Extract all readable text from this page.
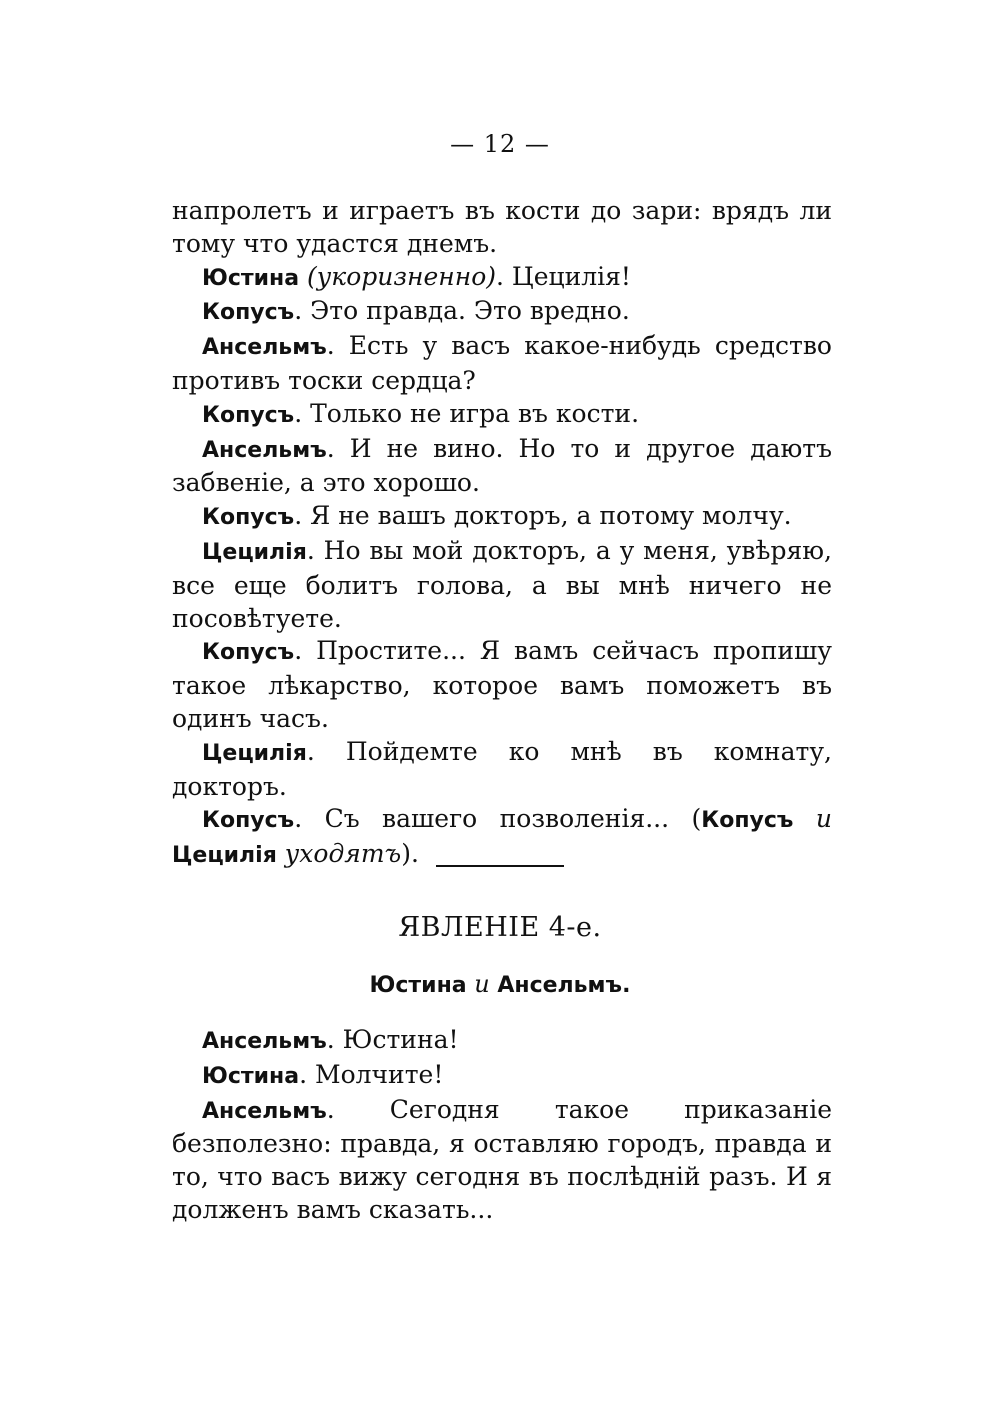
— 12 —

напролетъ и играетъ въ кости до зари: врядъ ли тому что удастся днемъ.

Юстина (укоризненно). Цецилія!

Копусъ. Это правда. Это вредно.

Ансельмъ. Есть у васъ какое-нибудь средство противъ тоски сердца?

Копусъ. Только не игра въ кости.

Ансельмъ. И не вино. Но то и другое даютъ забвеніе, а это хорошо.

Копусъ. Я не вашъ докторъ, а потому молчу.

Цецилія. Но вы мой докторъ, а у меня, увѣряю, все еще болитъ голова, а вы мнѣ ничего не посовѣтуете.

Копусъ. Простите... Я вамъ сейчасъ пропишу такое лѣкарство, которое вамъ поможетъ въ одинъ часъ.

Цецилія. Пойдемте ко мнѣ въ комнату, докторъ.

Копусъ. Съ вашего позволенія... (Копусъ и Цецилія уходятъ).

ЯВЛЕНІЕ 4-е.
Юстина и Ансельмъ.

Ансельмъ. Юстина!

Юстина. Молчите!

Ансельмъ. Сегодня такое приказаніе безполезно: правда, я оставляю городъ, правда и то, что васъ вижу сегодня въ послѣдній разъ. И я долженъ вамъ сказать...
